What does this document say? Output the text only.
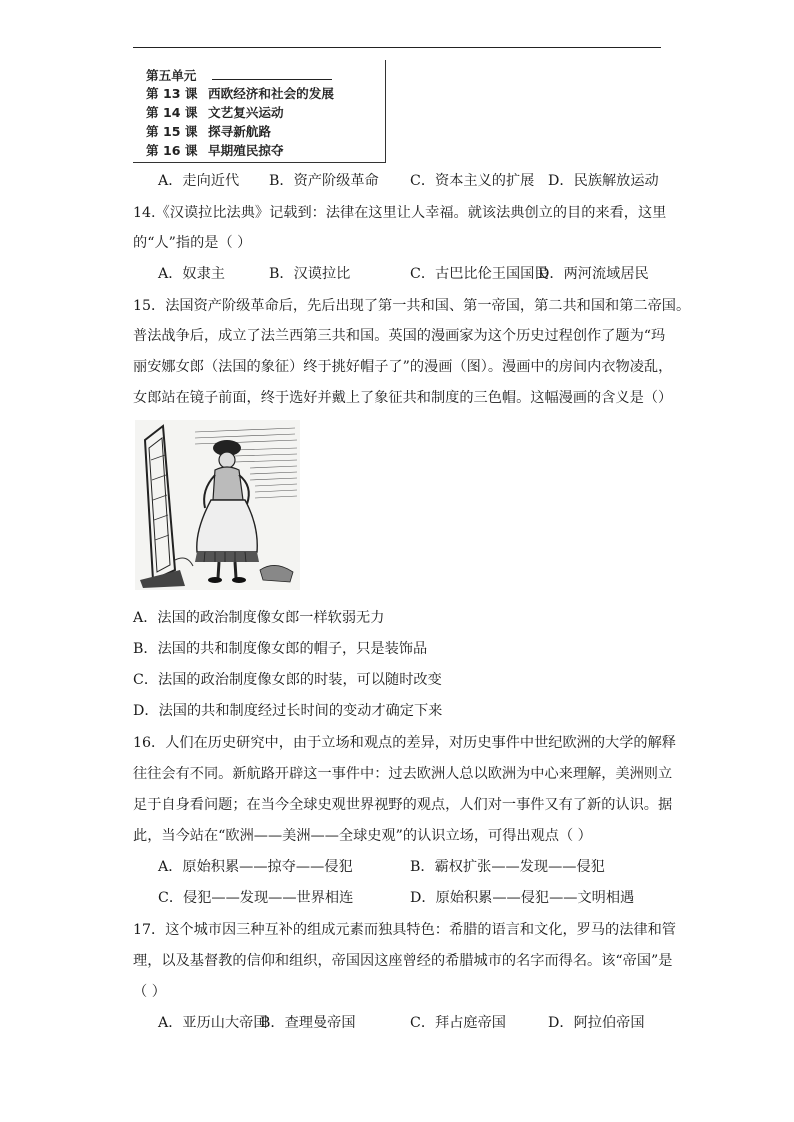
第五单元
第 13 课 西欧经济和社会的发展
第 14 课 文艺复兴运动
第 15 课 探寻新航路
第 16 课 早期殖民掠夺
A．走向近代 B．资产阶级革命 C．资本主义的扩展 D．民族解放运动
14.《汉谟拉比法典》记载到：法律在这里让人幸福。就该法典创立的目的来看，这里
的“人”指的是（ ）
A．奴隶主	B．汉谟拉比	C．古巴比伦王国国民
D．两河流域居民
15．法国资产阶级革命后，先后出现了第一共和国、第一帝国，第二共和国和第二帝国。
普法战争后，成立了法兰西第三共和国。英国的漫画家为这个历史过程创作了题为“玛
丽安娜女郎（法国的象征）终于挑好帽子了”的漫画（图）。漫画中的房间内衣物凌乱，
女郎站在镜子前面，终于选好并戴上了象征共和制度的三色帽。这幅漫画的含义是（）
A．法国的政治制度像女郎一样软弱无力
B．法国的共和制度像女郎的帽子，只是装饰品
C．法国的政治制度像女郎的时装，可以随时改变
D．法国的共和制度经过长时间的变动才确定下来
16．人们在历史研究中，由于立场和观点的差异，对历史事件中世纪欧洲的大学的解释
往往会有不同。新航路开辟这一事件中：过去欧洲人总以欧洲为中心来理解，美洲则立
足于自身看问题；在当今全球史观世界视野的观点，人们对一事件又有了新的认识。据
此，当今站在“欧洲——美洲——全球史观”的认识立场，可得出观点（ ）
A．原始积累——掠夺——侵犯	B．霸权扩张——发现——侵犯
C．侵犯——发现——世界相连	D．原始积累——侵犯——文明相遇
17．这个城市因三种互补的组成元素而独具特色：希腊的语言和文化，罗马的法律和管
理，以及基督教的信仰和组织，帝国因这座曾经的希腊城市的名字而得名。该“帝国”是
（ ）
A．亚历山大帝国
B．查理曼帝国	C．拜占庭帝国	D．阿拉伯帝国
